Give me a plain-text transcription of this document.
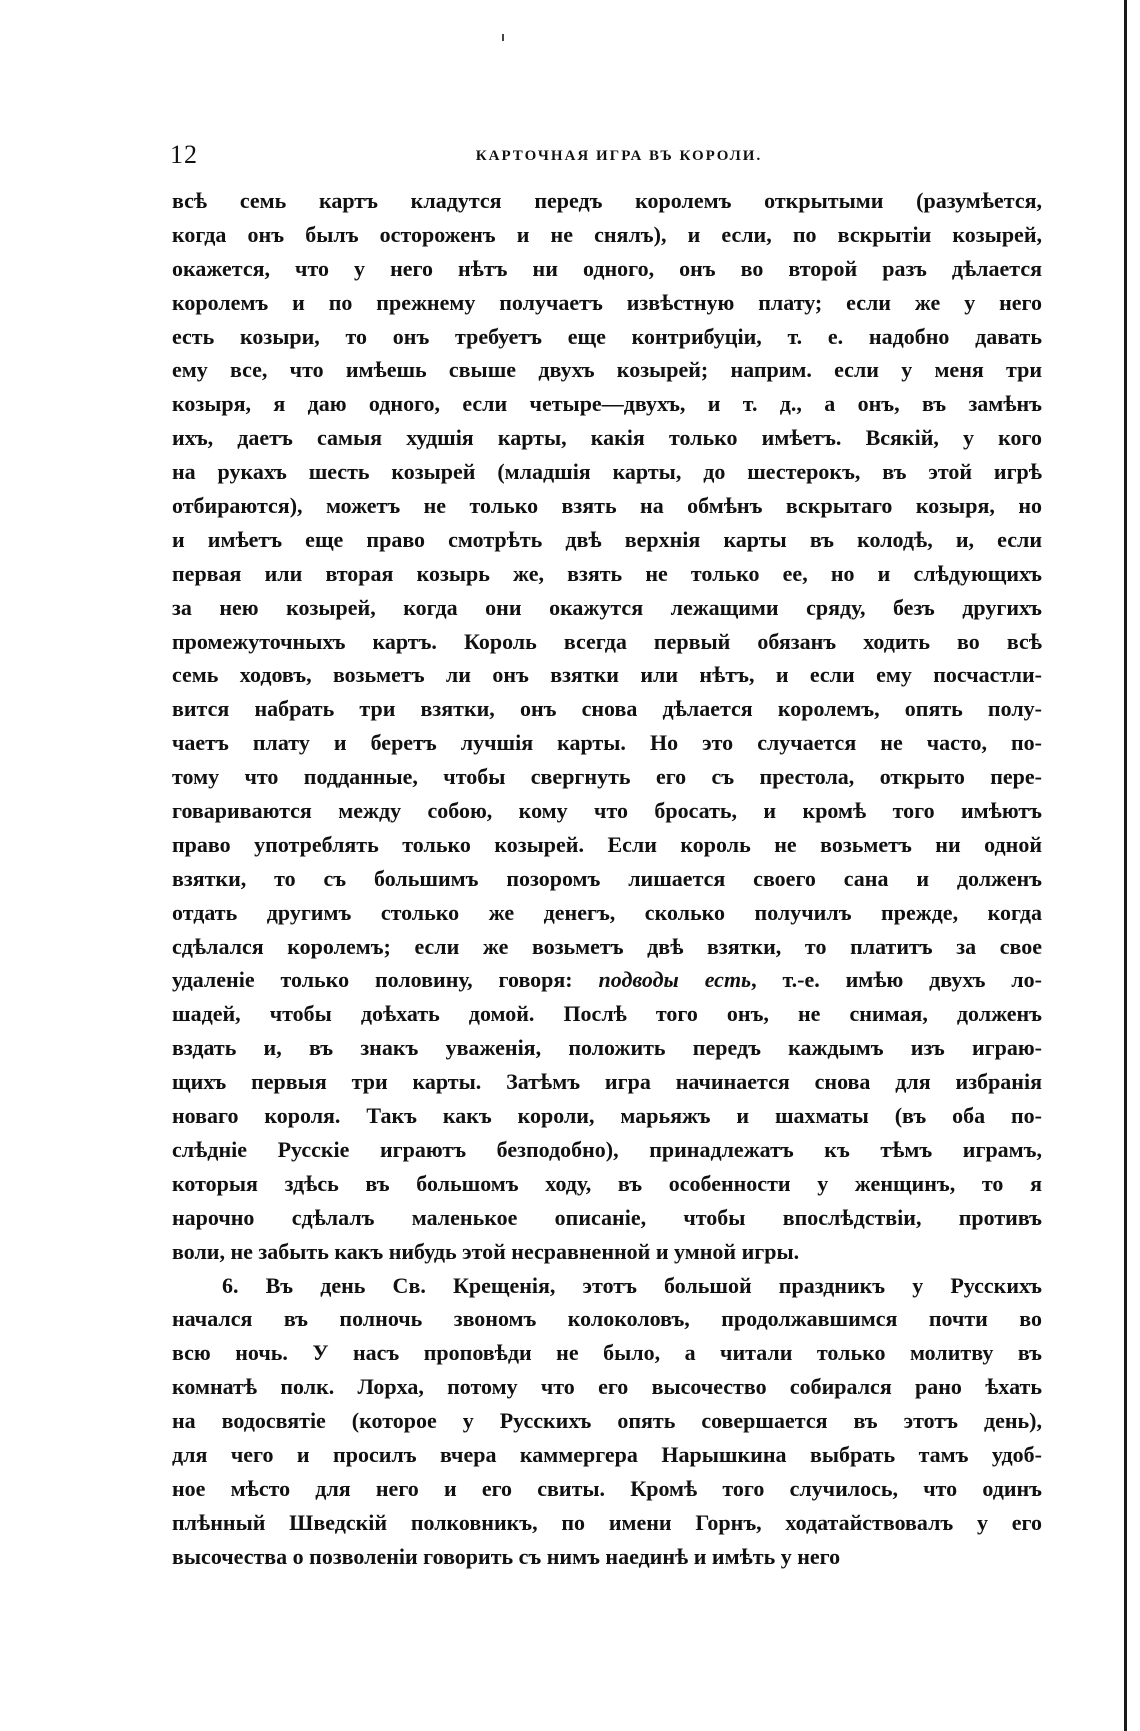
12	КАРТОЧНАЯ ИГРА ВЪ КОРОЛИ.
всѣ семь картъ кладутся передъ королемъ открытыми (разумѣется,
когда онъ былъ остороженъ и не снялъ), и если, по вскрытіи козырей,
окажется, что у него нѣтъ ни одного, онъ во второй разъ дѣлается
королемъ и по прежнему получаетъ извѣстную плату; если же у него
есть козыри, то онъ требуетъ еще контрибуціи, т. е. надобно давать
ему все, что имѣешь свыше двухъ козырей; наприм. если у меня три
козыря, я даю одного, если четыре—двухъ, и т. д., а онъ, въ замѣнъ
ихъ, даетъ самыя худшія карты, какія только имѣетъ. Всякій, у кого
на рукахъ шесть козырей (младшія карты, до шестерокъ, въ этой игрѣ
отбираются), можетъ не только взять на обмѣнъ вскрытаго козыря, но
и имѣетъ еще право смотрѣть двѣ верхнія карты въ колодѣ, и, если
первая или вторая козырь же, взять не только ее, но и слѣдующихъ
за нею козырей, когда они окажутся лежащими сряду, безъ другихъ
промежуточныхъ картъ. Король всегда первый обязанъ ходить во всѣ
семь ходовъ, возьметъ ли онъ взятки или нѣтъ, и если ему посчастли-
вится набрать три взятки, онъ снова дѣлается королемъ, опять полу-
чаетъ плату и беретъ лучшія карты. Но это случается не часто, по-
тому что подданные, чтобы свергнуть его съ престола, открыто пере-
говариваются между собою, кому что бросать, и кромѣ того имѣютъ
право употреблять только козырей. Если король не возьметъ ни одной
взятки, то съ большимъ позоромъ лишается своего сана и долженъ
отдать другимъ столько же денегъ, сколько получилъ прежде, когда
сдѣлался королемъ; если же возьметъ двѣ взятки, то платитъ за свое
удаленіе только половину, говоря: подводы есть, т.-е. имѣю двухъ ло-
шадей, чтобы доѣхать домой. Послѣ того онъ, не снимая, долженъ
вздать и, въ знакъ уваженія, положить передъ каждымъ изъ играю-
щихъ первыя три карты. Затѣмъ игра начинается снова для избранія
новаго короля. Такъ какъ короли, марьяжъ и шахматы (въ оба по-
слѣдніе Русскіе играютъ безподобно), принадлежатъ къ тѣмъ играмъ,
которыя здѣсь въ большомъ ходу, въ особенности у женщинъ, то я
нарочно сдѣлалъ маленькое описаніе, чтобы впослѣдствіи, противъ
воли, не забыть какъ нибудь этой несравненной и умной игры.
6. Въ день Св. Крещенія, этотъ большой праздникъ у Русскихъ
начался въ полночь звономъ колоколовъ, продолжавшимся почти во
всю ночь. У насъ проповѣди не было, а читали только молитву въ
комнатѣ полк. Лорха, потому что его высочество собирался рано ѣхать
на водосвятіе (которое у Русскихъ опять совершается въ этотъ день),
для чего и просилъ вчера каммергера Нарышкина выбрать тамъ удоб-
ное мѣсто для него и его свиты. Кромѣ того случилось, что одинъ
плѣнный Шведскій полковникъ, по имени Горнъ, ходатайствовалъ у его
высочества о позволеніи говорить съ нимъ наединѣ и имѣть у него
